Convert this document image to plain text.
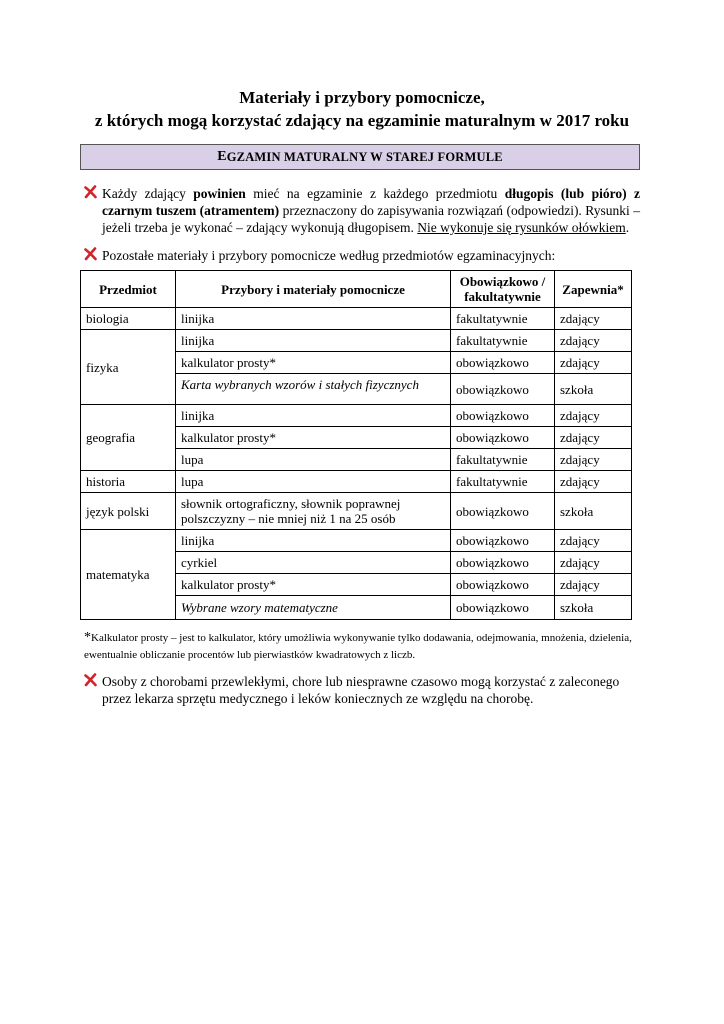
Materiały i przybory pomocnicze,
z których mogą korzystać zdający na egzaminie maturalnym w 2017 roku
E GZAMIN MATURALNY W STAREJ FORMULE
Każdy zdający powinien mieć na egzaminie z każdego przedmiotu długopis (lub pióro) z czarnym tuszem (atramentem) przeznaczony do zapisywania rozwiązań (odpowiedzi). Rysunki – jeżeli trzeba je wykonać – zdający wykonują długopisem. Nie wykonuje się rysunków ołówkiem.
Pozostałe materiały i przybory pomocnicze według przedmiotów egzaminacyjnych:
Przedmiot	Przybory i materiały pomocnicze	Obowiązkowo / fakultatywnie	Zapewnia*
biologia	linijka	fakultatywnie	zdający
fizyka	linijka	fakultatywnie	zdający
	kalkulator prosty*	obowiązkowo	zdający
	Karta wybranych wzorów i stałych fizycznych	obowiązkowo	szkoła
geografia	linijka	obowiązkowo	zdający
	kalkulator prosty*	obowiązkowo	zdający
	lupa	fakultatywnie	zdający
historia	lupa	fakultatywnie	zdający
język polski	słownik ortograficzny, słownik poprawnej polszczyzny – nie mniej niż 1 na 25 osób	obowiązkowo	szkoła
matematyka	linijka	obowiązkowo	zdający
	cyrkiel	obowiązkowo	zdający
	kalkulator prosty*	obowiązkowo	zdający
	Wybrane wzory matematyczne	obowiązkowo	szkoła
*Kalkulator prosty – jest to kalkulator, który umożliwia wykonywanie tylko dodawania, odejmowania, mnożenia, dzielenia, ewentualnie obliczanie procentów lub pierwiastków kwadratowych z liczb.
Osoby z chorobami przewlekłymi, chore lub niesprawne czasowo mogą korzystać z zaleconego przez lekarza sprzętu medycznego i leków koniecznych ze względu na chorobę.
